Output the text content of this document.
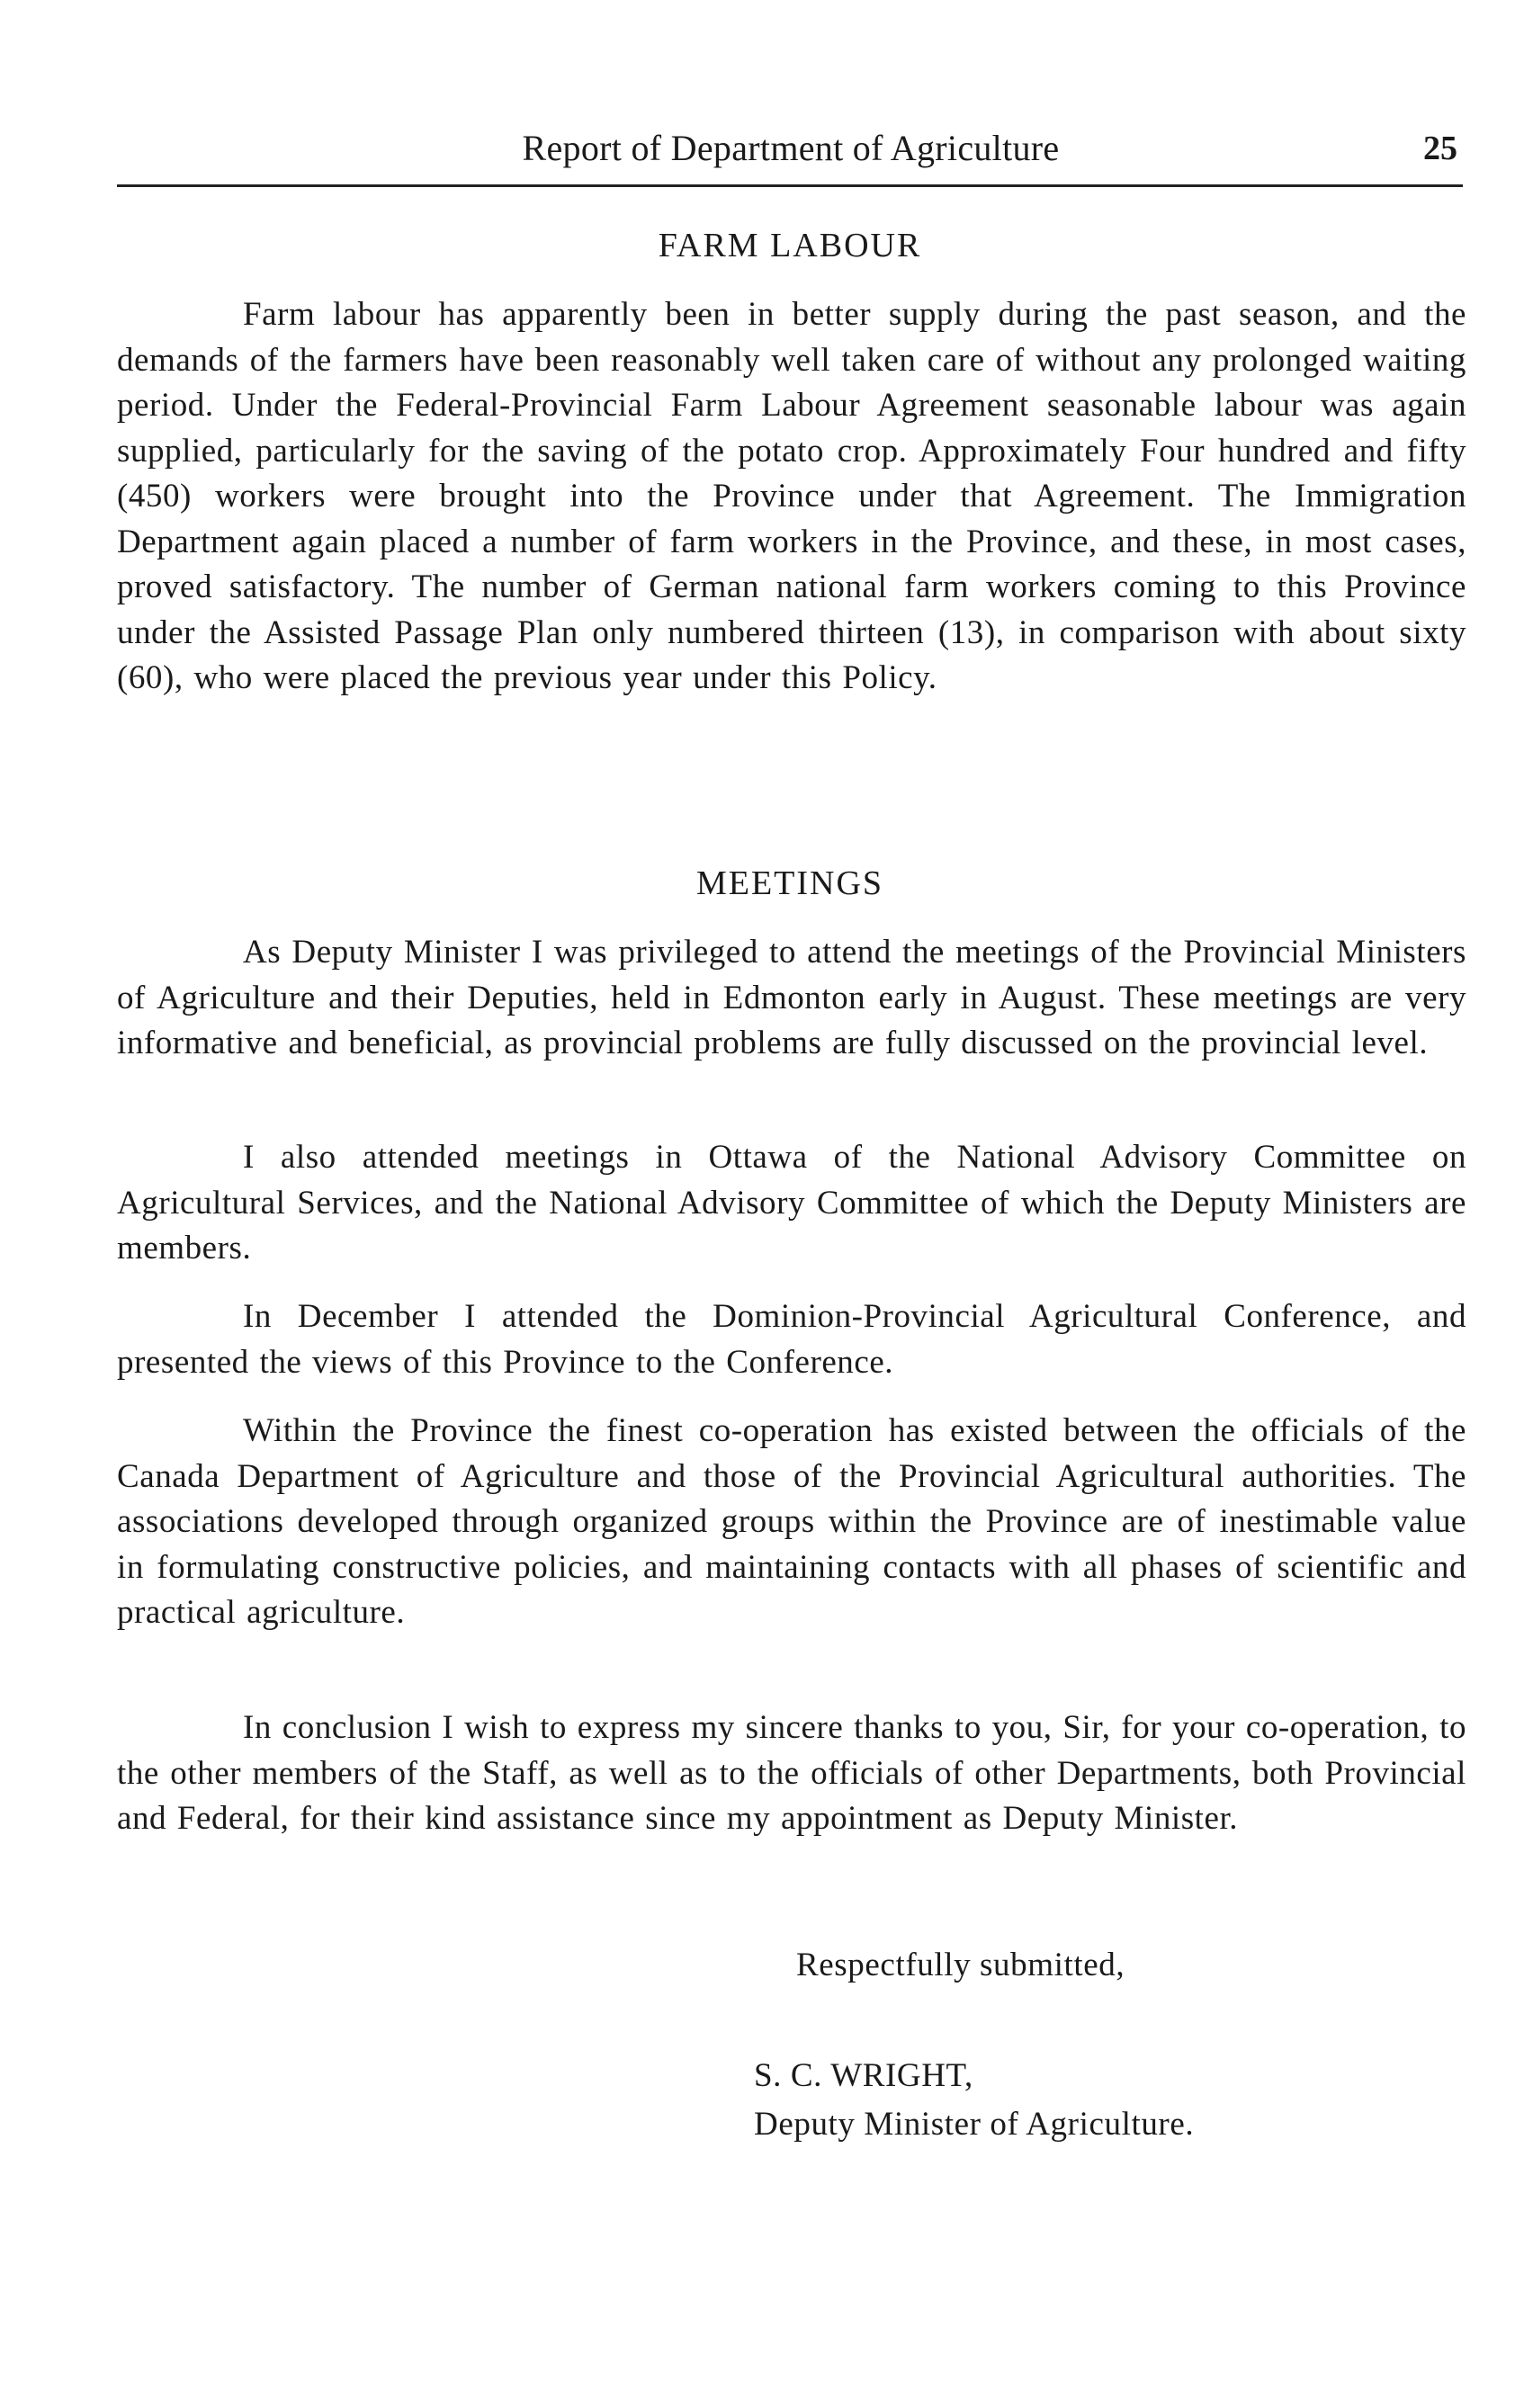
Report of Department of Agriculture	25
FARM LABOUR

Farm labour has apparently been in better supply during the past season, and the demands of the farmers have been reasonably well taken care of without any prolonged waiting period. Under the Federal-Provincial Farm Labour Agreement seasonable labour was again supplied, particularly for the saving of the potato crop. Approximately Four hundred and fifty (450) workers were brought into the Province under that Agreement. The Immigration Department again placed a number of farm workers in the Province, and these, in most cases, proved satisfactory. The number of German national farm workers coming to this Province under the Assisted Passage Plan only numbered thirteen (13), in comparison with about sixty (60), who were placed the previous year under this Policy.

MEETINGS

As Deputy Minister I was privileged to attend the meetings of the Provincial Ministers of Agriculture and their Deputies, held in Edmonton early in August. These meetings are very informative and beneficial, as provincial problems are fully discussed on the provincial level.

I also attended meetings in Ottawa of the National Advisory Committee on Agricultural Services, and the National Advisory Committee of which the Deputy Ministers are members.

In December I attended the Dominion-Provincial Agricultural Conference, and presented the views of this Province to the Conference.

Within the Province the finest co-operation has existed between the officials of the Canada Department of Agriculture and those of the Provincial Agricultural authorities. The associations developed through organized groups within the Province are of inestimable value in formulating constructive policies, and maintaining contacts with all phases of scientific and practical agriculture.

In conclusion I wish to express my sincere thanks to you, Sir, for your co-operation, to the other members of the Staff, as well as to the officials of other Departments, both Provincial and Federal, for their kind assistance since my appointment as Deputy Minister.

Respectfully submitted,
S. C. WRIGHT,
Deputy Minister of Agriculture.
